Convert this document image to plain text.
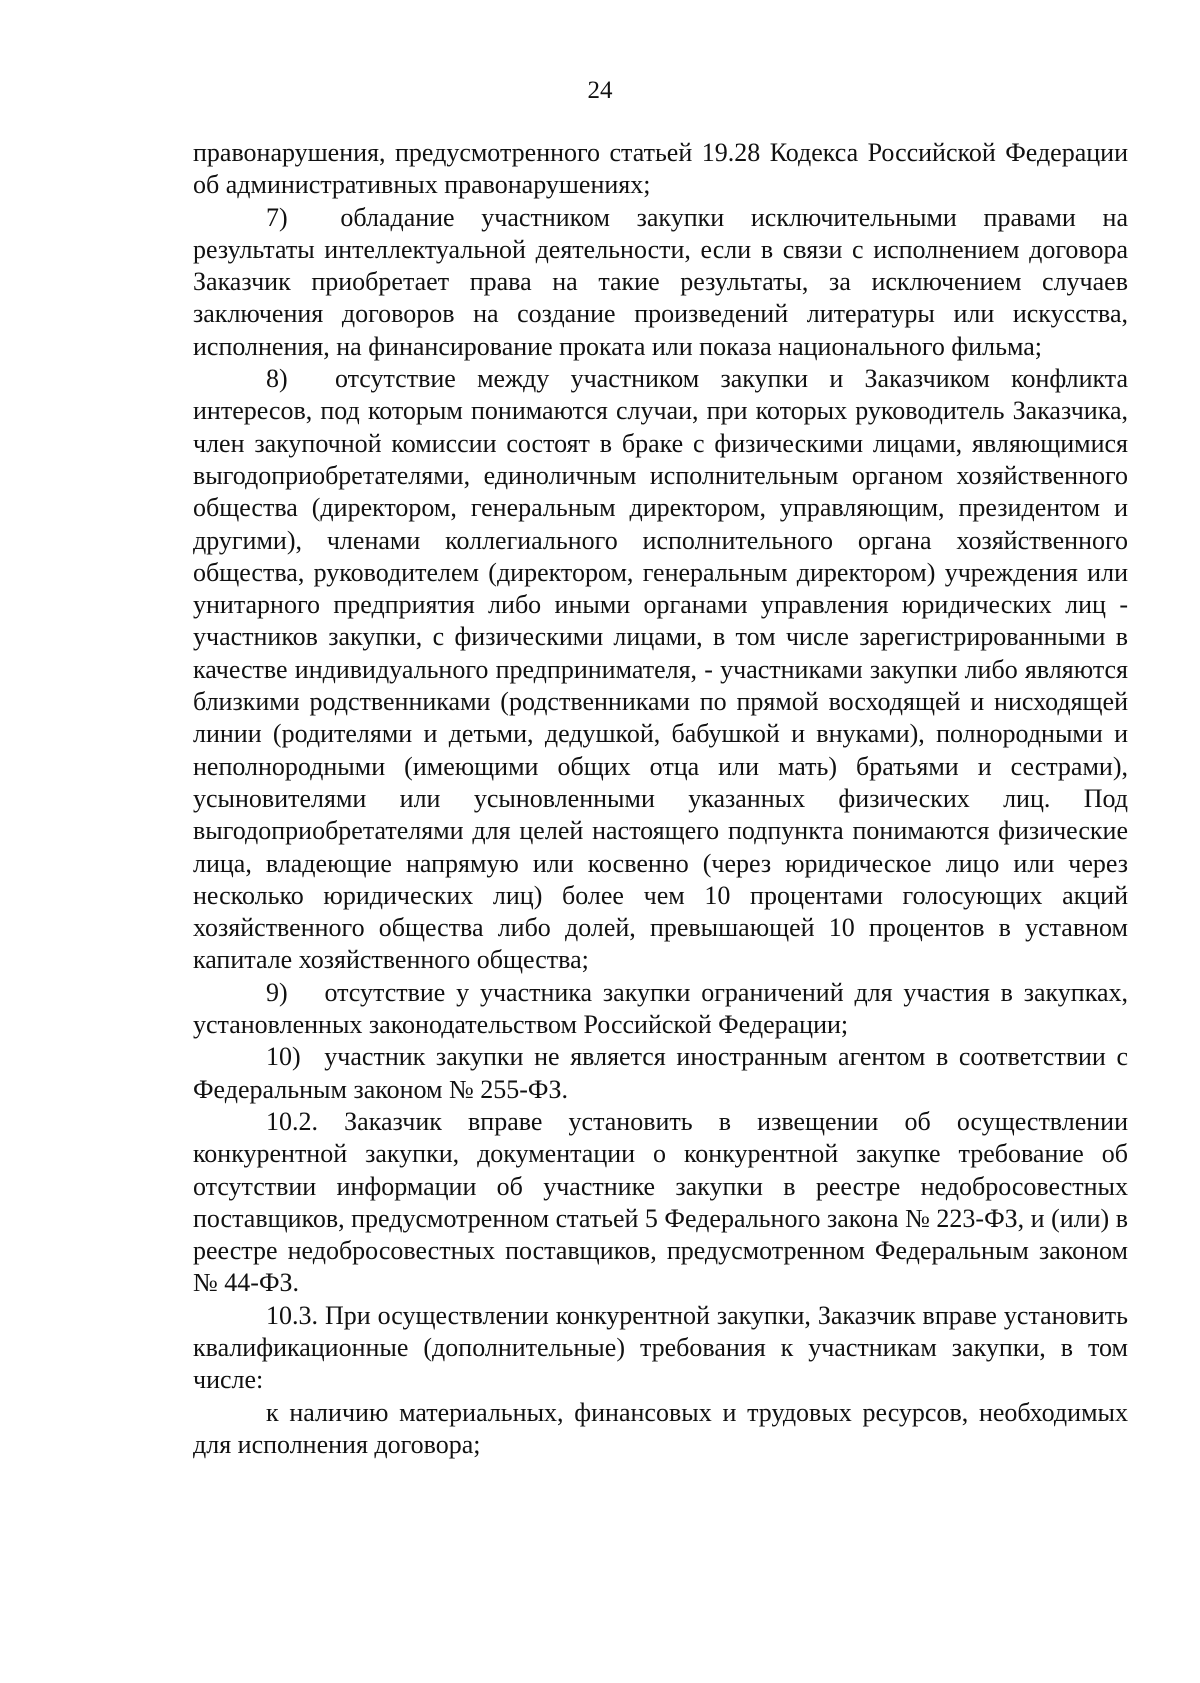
24

правонарушения, предусмотренного статьей 19.28 Кодекса Российской Федерации об административных правонарушениях;

7)  обладание участником закупки исключительными правами на результаты интеллектуальной деятельности, если в связи с исполнением договора Заказчик приобретает права на такие результаты, за исключением случаев заключения договоров на создание произведений литературы или искусства, исполнения, на финансирование проката или показа национального фильма;

8)  отсутствие между участником закупки и Заказчиком конфликта интересов, под которым понимаются случаи, при которых руководитель Заказчика, член закупочной комиссии состоят в браке с физическими лицами, являющимися выгодоприобретателями, единоличным исполнительным органом хозяйственного общества (директором, генеральным директором, управляющим, президентом и другими), членами коллегиального исполнительного органа хозяйственного общества, руководителем (директором, генеральным директором) учреждения или унитарного предприятия либо иными органами управления юридических лиц - участников закупки, с физическими лицами, в том числе зарегистрированными в качестве индивидуального предпринимателя, - участниками закупки либо являются близкими родственниками (родственниками по прямой восходящей и нисходящей линии (родителями и детьми, дедушкой, бабушкой и внуками), полнородными и неполнородными (имеющими общих отца или мать) братьями и сестрами), усыновителями или усыновленными указанных физических лиц. Под выгодоприобретателями для целей настоящего подпункта понимаются физические лица, владеющие напрямую или косвенно (через юридическое лицо или через несколько юридических лиц) более чем 10 процентами голосующих акций хозяйственного общества либо долей, превышающей 10 процентов в уставном капитале хозяйственного общества;

9)  отсутствие у участника закупки ограничений для участия в закупках, установленных законодательством Российской Федерации;

10)  участник закупки не является иностранным агентом в соответствии с Федеральным законом № 255-ФЗ.

10.2. Заказчик вправе установить в извещении об осуществлении конкурентной закупки, документации о конкурентной закупке требование об отсутствии информации об участнике закупки в реестре недобросовестных поставщиков, предусмотренном статьей 5 Федерального закона № 223-ФЗ, и (или) в реестре недобросовестных поставщиков, предусмотренном Федеральным законом № 44-ФЗ.

10.3. При осуществлении конкурентной закупки, Заказчик вправе установить квалификационные (дополнительные) требования к участникам закупки, в том числе:

к наличию материальных, финансовых и трудовых ресурсов, необходимых для исполнения договора;
